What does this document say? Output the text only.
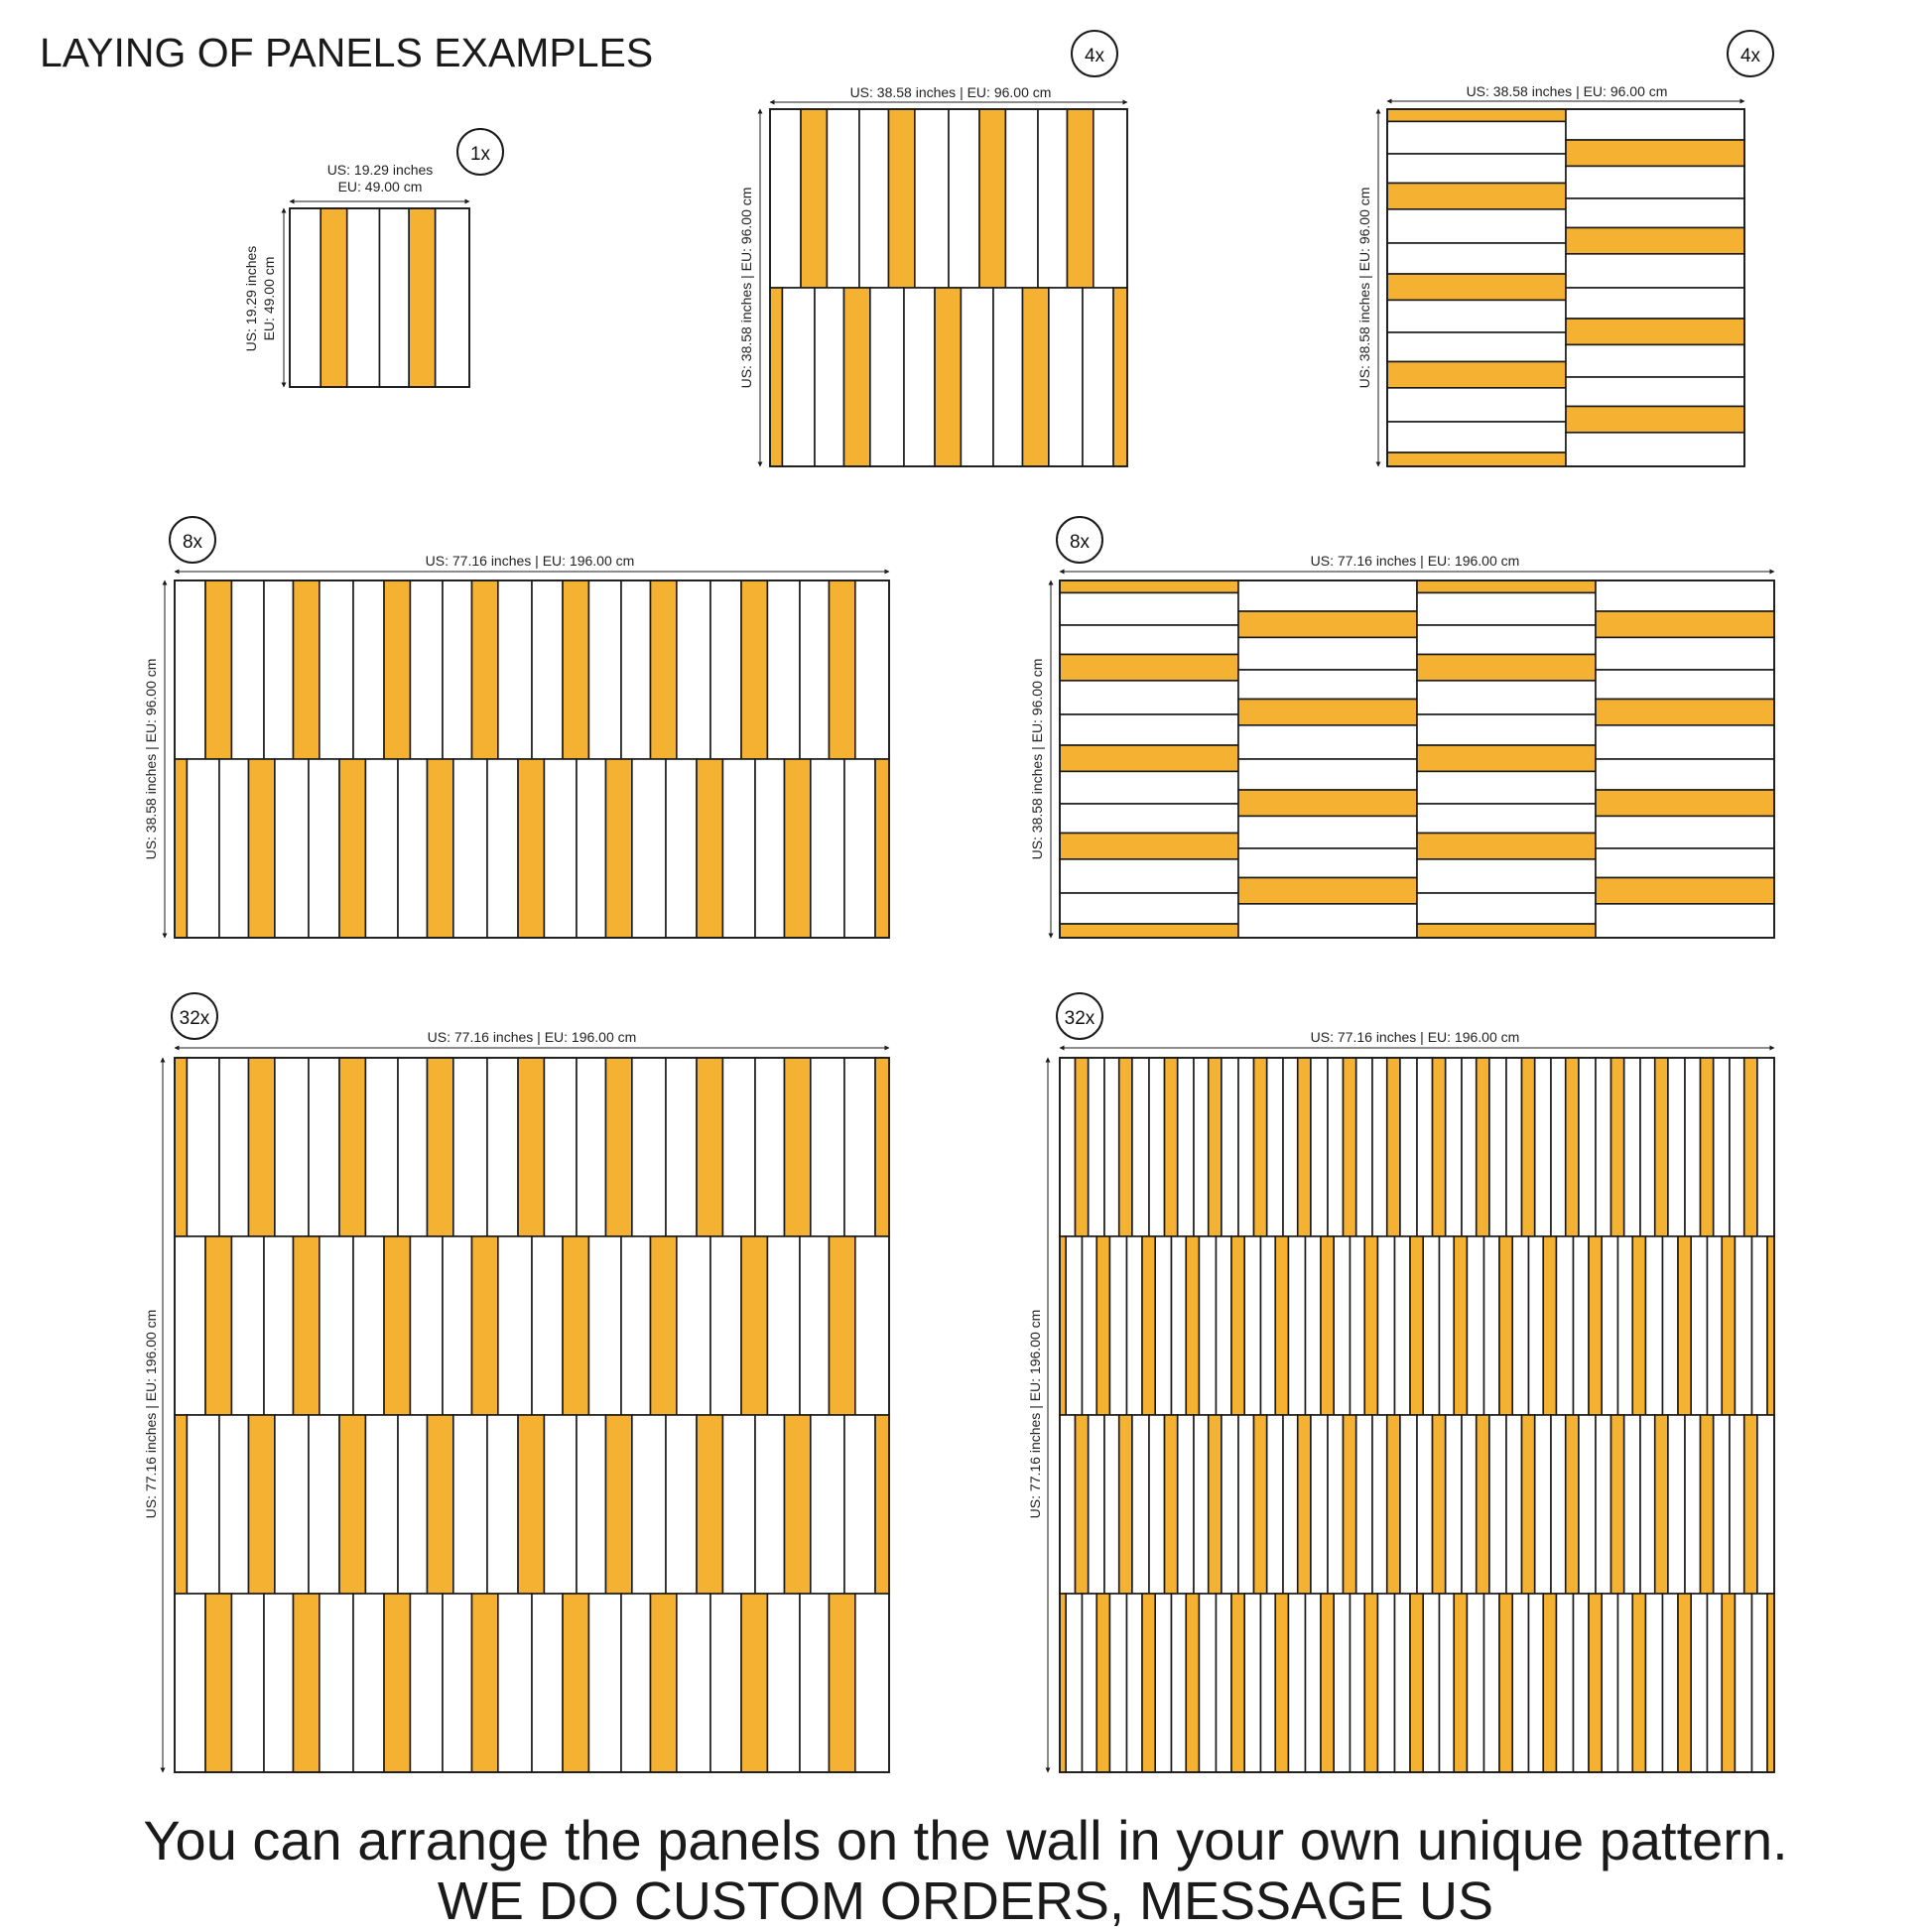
LAYING OF PANELS EXAMPLES
1x
US: 19.29 inches
EU: 49.00 cm
US: 19.29 inches EU: 49.00 cm
4x
US: 38.58 inches | EU: 96.00 cm
US: 38.58 inches | EU: 96.00 cm
4x
US: 38.58 inches | EU: 96.00 cm
US: 38.58 inches | EU: 96.00 cm
8x
US: 77.16 inches | EU: 196.00 cm
US: 38.58 inches | EU: 96.00 cm
8x
US: 77.16 inches | EU: 196.00 cm
US: 38.58 inches | EU: 96.00 cm
32x
US: 77.16 inches | EU: 196.00 cm
US: 77.16 inches | EU: 196.00 cm
32x
US: 77.16 inches | EU: 196.00 cm
US: 77.16 inches | EU: 196.00 cm
You can arrange the panels on the wall in your own unique pattern.
WE DO CUSTOM ORDERS, MESSAGE US
